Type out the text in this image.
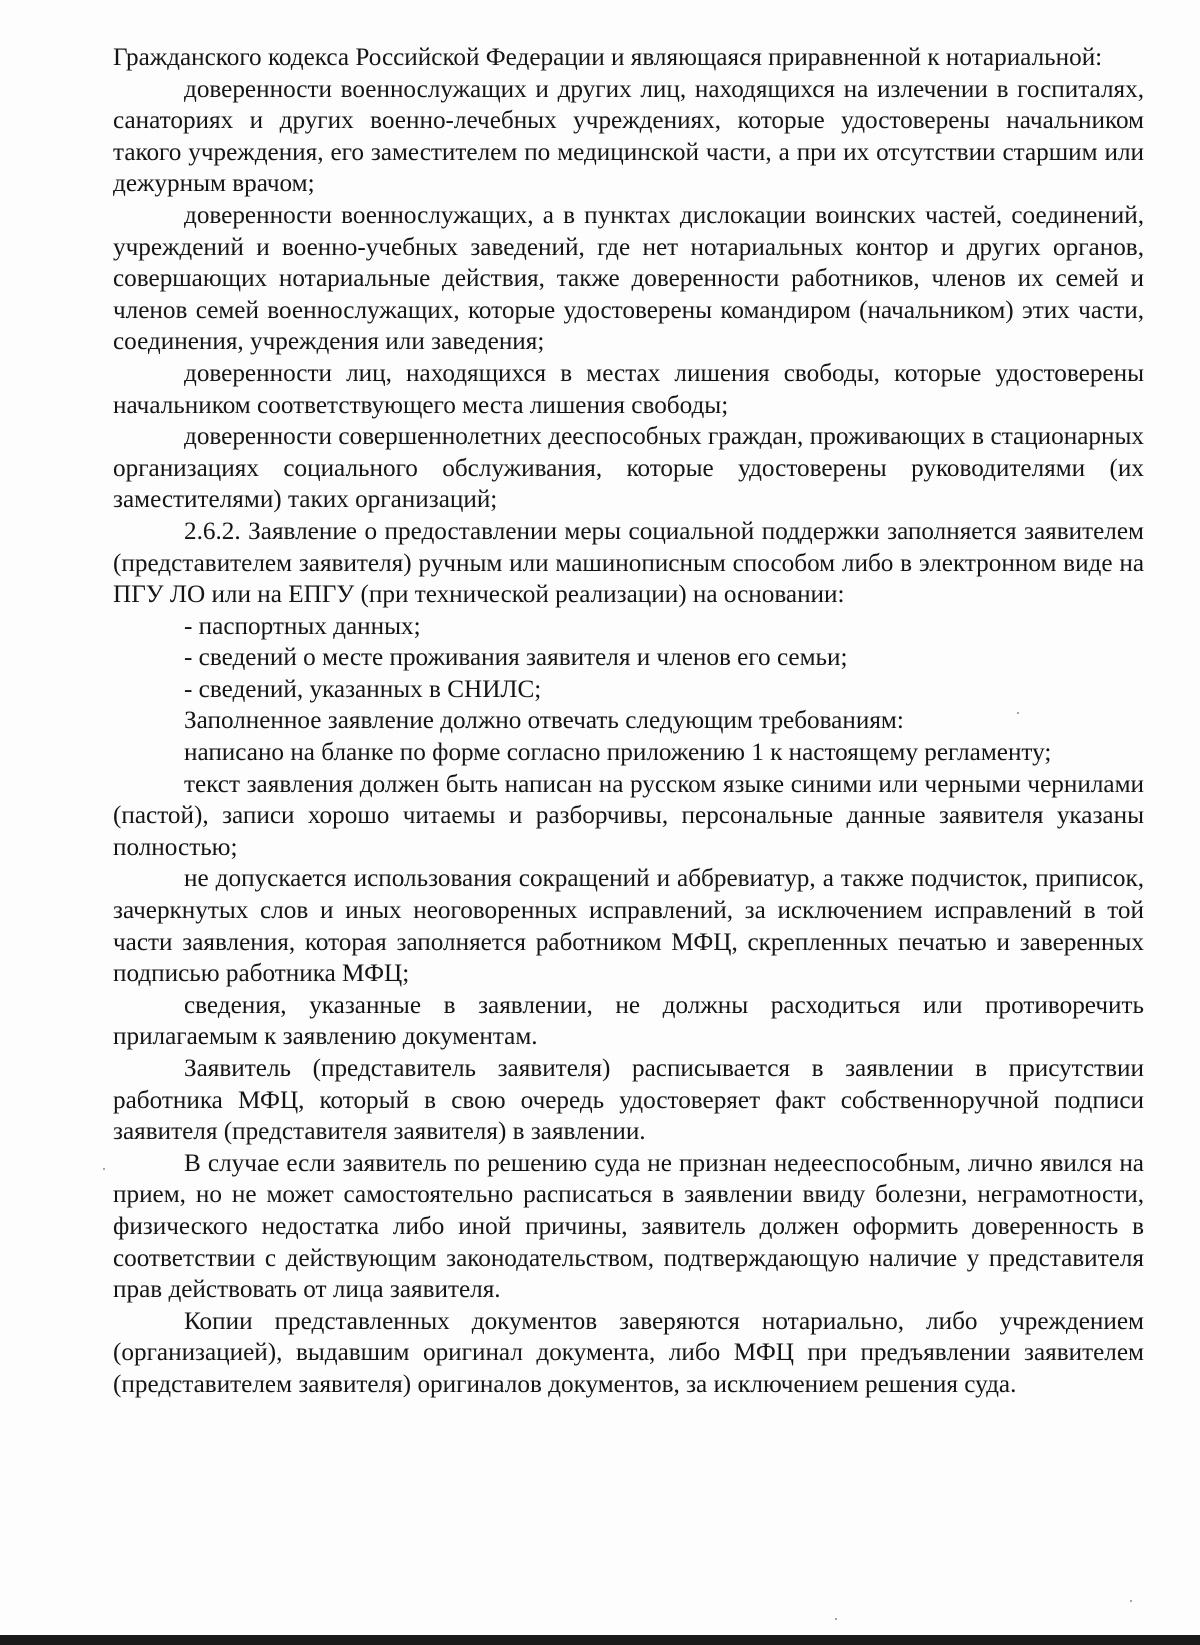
Гражданского кодекса Российской Федерации и являющаяся приравненной к нотариальной:

доверенности военнослужащих и других лиц, находящихся на излечении в госпиталях, санаториях и других военно-лечебных учреждениях, которые удостоверены начальником такого учреждения, его заместителем по медицинской части, а при их отсутствии старшим или дежурным врачом;

доверенности военнослужащих, а в пунктах дислокации воинских частей, соединений, учреждений и военно-учебных заведений, где нет нотариальных контор и других органов, совершающих нотариальные действия, также доверенности работников, членов их семей и членов семей военнослужащих, которые удостоверены командиром (начальником) этих части, соединения, учреждения или заведения;

доверенности лиц, находящихся в местах лишения свободы, которые удостоверены начальником соответствующего места лишения свободы;

доверенности совершеннолетних дееспособных граждан, проживающих в стационарных организациях социального обслуживания, которые удостоверены руководителями (их заместителями) таких организаций;

2.6.2. Заявление о предоставлении меры социальной поддержки заполняется заявителем (представителем заявителя) ручным или машинописным способом либо в электронном виде на ПГУ ЛО или на ЕПГУ (при технической реализации) на основании:

- паспортных данных;

- сведений о месте проживания заявителя и членов его семьи;

- сведений, указанных в СНИЛС;

Заполненное заявление должно отвечать следующим требованиям:

написано на бланке по форме согласно приложению 1 к настоящему регламенту;

текст заявления должен быть написан на русском языке синими или черными чернилами (пастой), записи хорошо читаемы и разборчивы, персональные данные заявителя указаны полностью;

не допускается использования сокращений и аббревиатур, а также подчисток, приписок, зачеркнутых слов и иных неоговоренных исправлений, за исключением исправлений в той части заявления, которая заполняется работником МФЦ, скрепленных печатью и заверенных подписью работника МФЦ;

сведения, указанные в заявлении, не должны расходиться или противоречить прилагаемым к заявлению документам.

Заявитель (представитель заявителя) расписывается в заявлении в присутствии работника МФЦ, который в свою очередь удостоверяет факт собственноручной подписи заявителя (представителя заявителя) в заявлении.

В случае если заявитель по решению суда не признан недееспособным, лично явился на прием, но не может самостоятельно расписаться в заявлении ввиду болезни, неграмотности, физического недостатка либо иной причины, заявитель должен оформить доверенность в соответствии с действующим законодательством, подтверждающую наличие у представителя прав действовать от лица заявителя.

Копии представленных документов заверяются нотариально, либо учреждением (организацией), выдавшим оригинал документа, либо МФЦ при предъявлении заявителем (представителем заявителя) оригиналов документов, за исключением решения суда.
